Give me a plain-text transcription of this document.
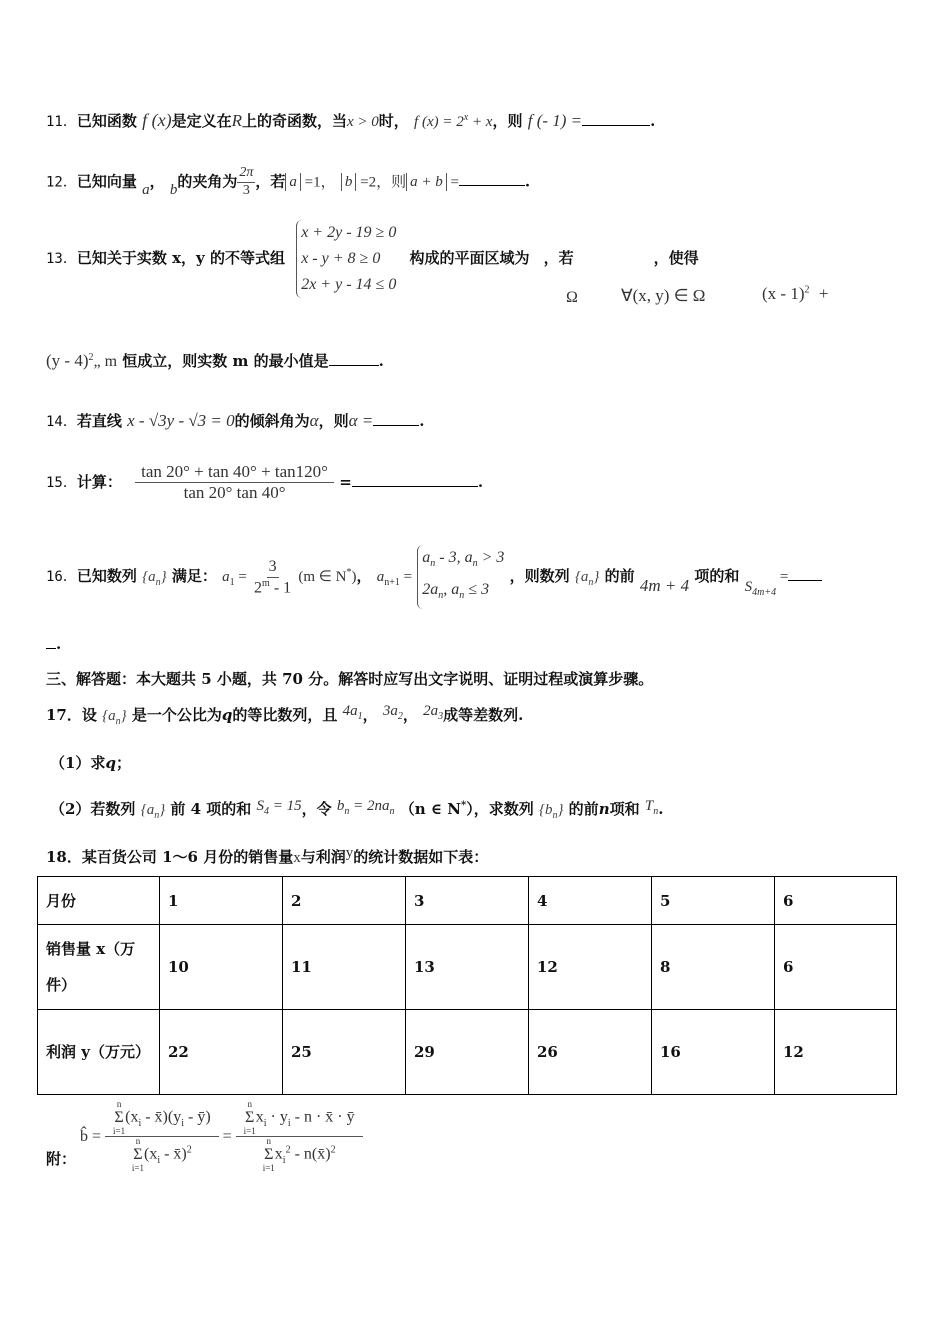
11．已知函数 f (x)是定义在R上的奇函数，当x > 0时， f $(x) = 2^x + x$，则 f (- 1) =	.
12．已知向量 a， b的夹角为 $\frac{2\pi}{3}$ ，若 a =1， b =2，则 a + b =	.
13．已知关于实数 x，y 的不等式组
x + 2y - 19 ≥ 0
x - y + 8 ≥ 0
2x + y - 14 ≤ 0
构成的平面区域为 ，若	，使得
Ω	∀(x, y) ∈ Ω	(x - 1)$^2$ +
(y - 4)$^2$„ m 恒成立，则实数 m 的最小值是	.
14．若直线 x - √3y - √3 = 0的倾斜角为α，则α =	.
15．计算： $\frac{\tan 20^\circ + \tan 40^\circ + \tan 120^\circ}{\tan 20^\circ \tan 40^\circ}$ =	.
16．已知数列 $\{a_n\}$ 满足： $a_1 = \frac{3}{2^m - 1} (m$ ∈ N*)， $a_{n+1}$ =
$a_n - 3$, $a_n > 3$
$2a_n$, $a_n \le 3$
，则数列 $\{a_n\}$ 的前 4m + 4 项的和 $S_{4m+4}$ =
.
三、解答题：本大题共 5 小题，共 70 分。解答时应写出文字说明、证明过程或演算步骤。
17．设 $\{a_n\}$ 是一个公比为q的等比数列，且 $4a_1$， $3a_2$， $2a_3$成等差数列.
（1）求q；
（2）若数列 $\{a_n\}$ 前 4 项的和 $S_4 = 15$，令 $b_n = 2na_n$ （n ∈ N*），求数列 $\{b_n\}$ 的前n项和 $T_n$.
18．某百货公司 1～6 月份的销售量x与利润y的统计数据如下表：
月份	1	2	3	4	5	6
销售量 x（万件）	10	11	13	12	8	6
利润 y（万元）	22	25	29	26	16	12
附：
b̂ = n
Σ
i=1
($x_i$ - $x̄)(y_i$ - ȳ)
n
Σ
i=1
($x_i$ - x̄)$^2$ = n
Σ
i=1
$x_i \cdot y_i - n$ · x̄ · ȳ
n
Σ
i=1
$x_i^2$ - n(x̄)$^2$
